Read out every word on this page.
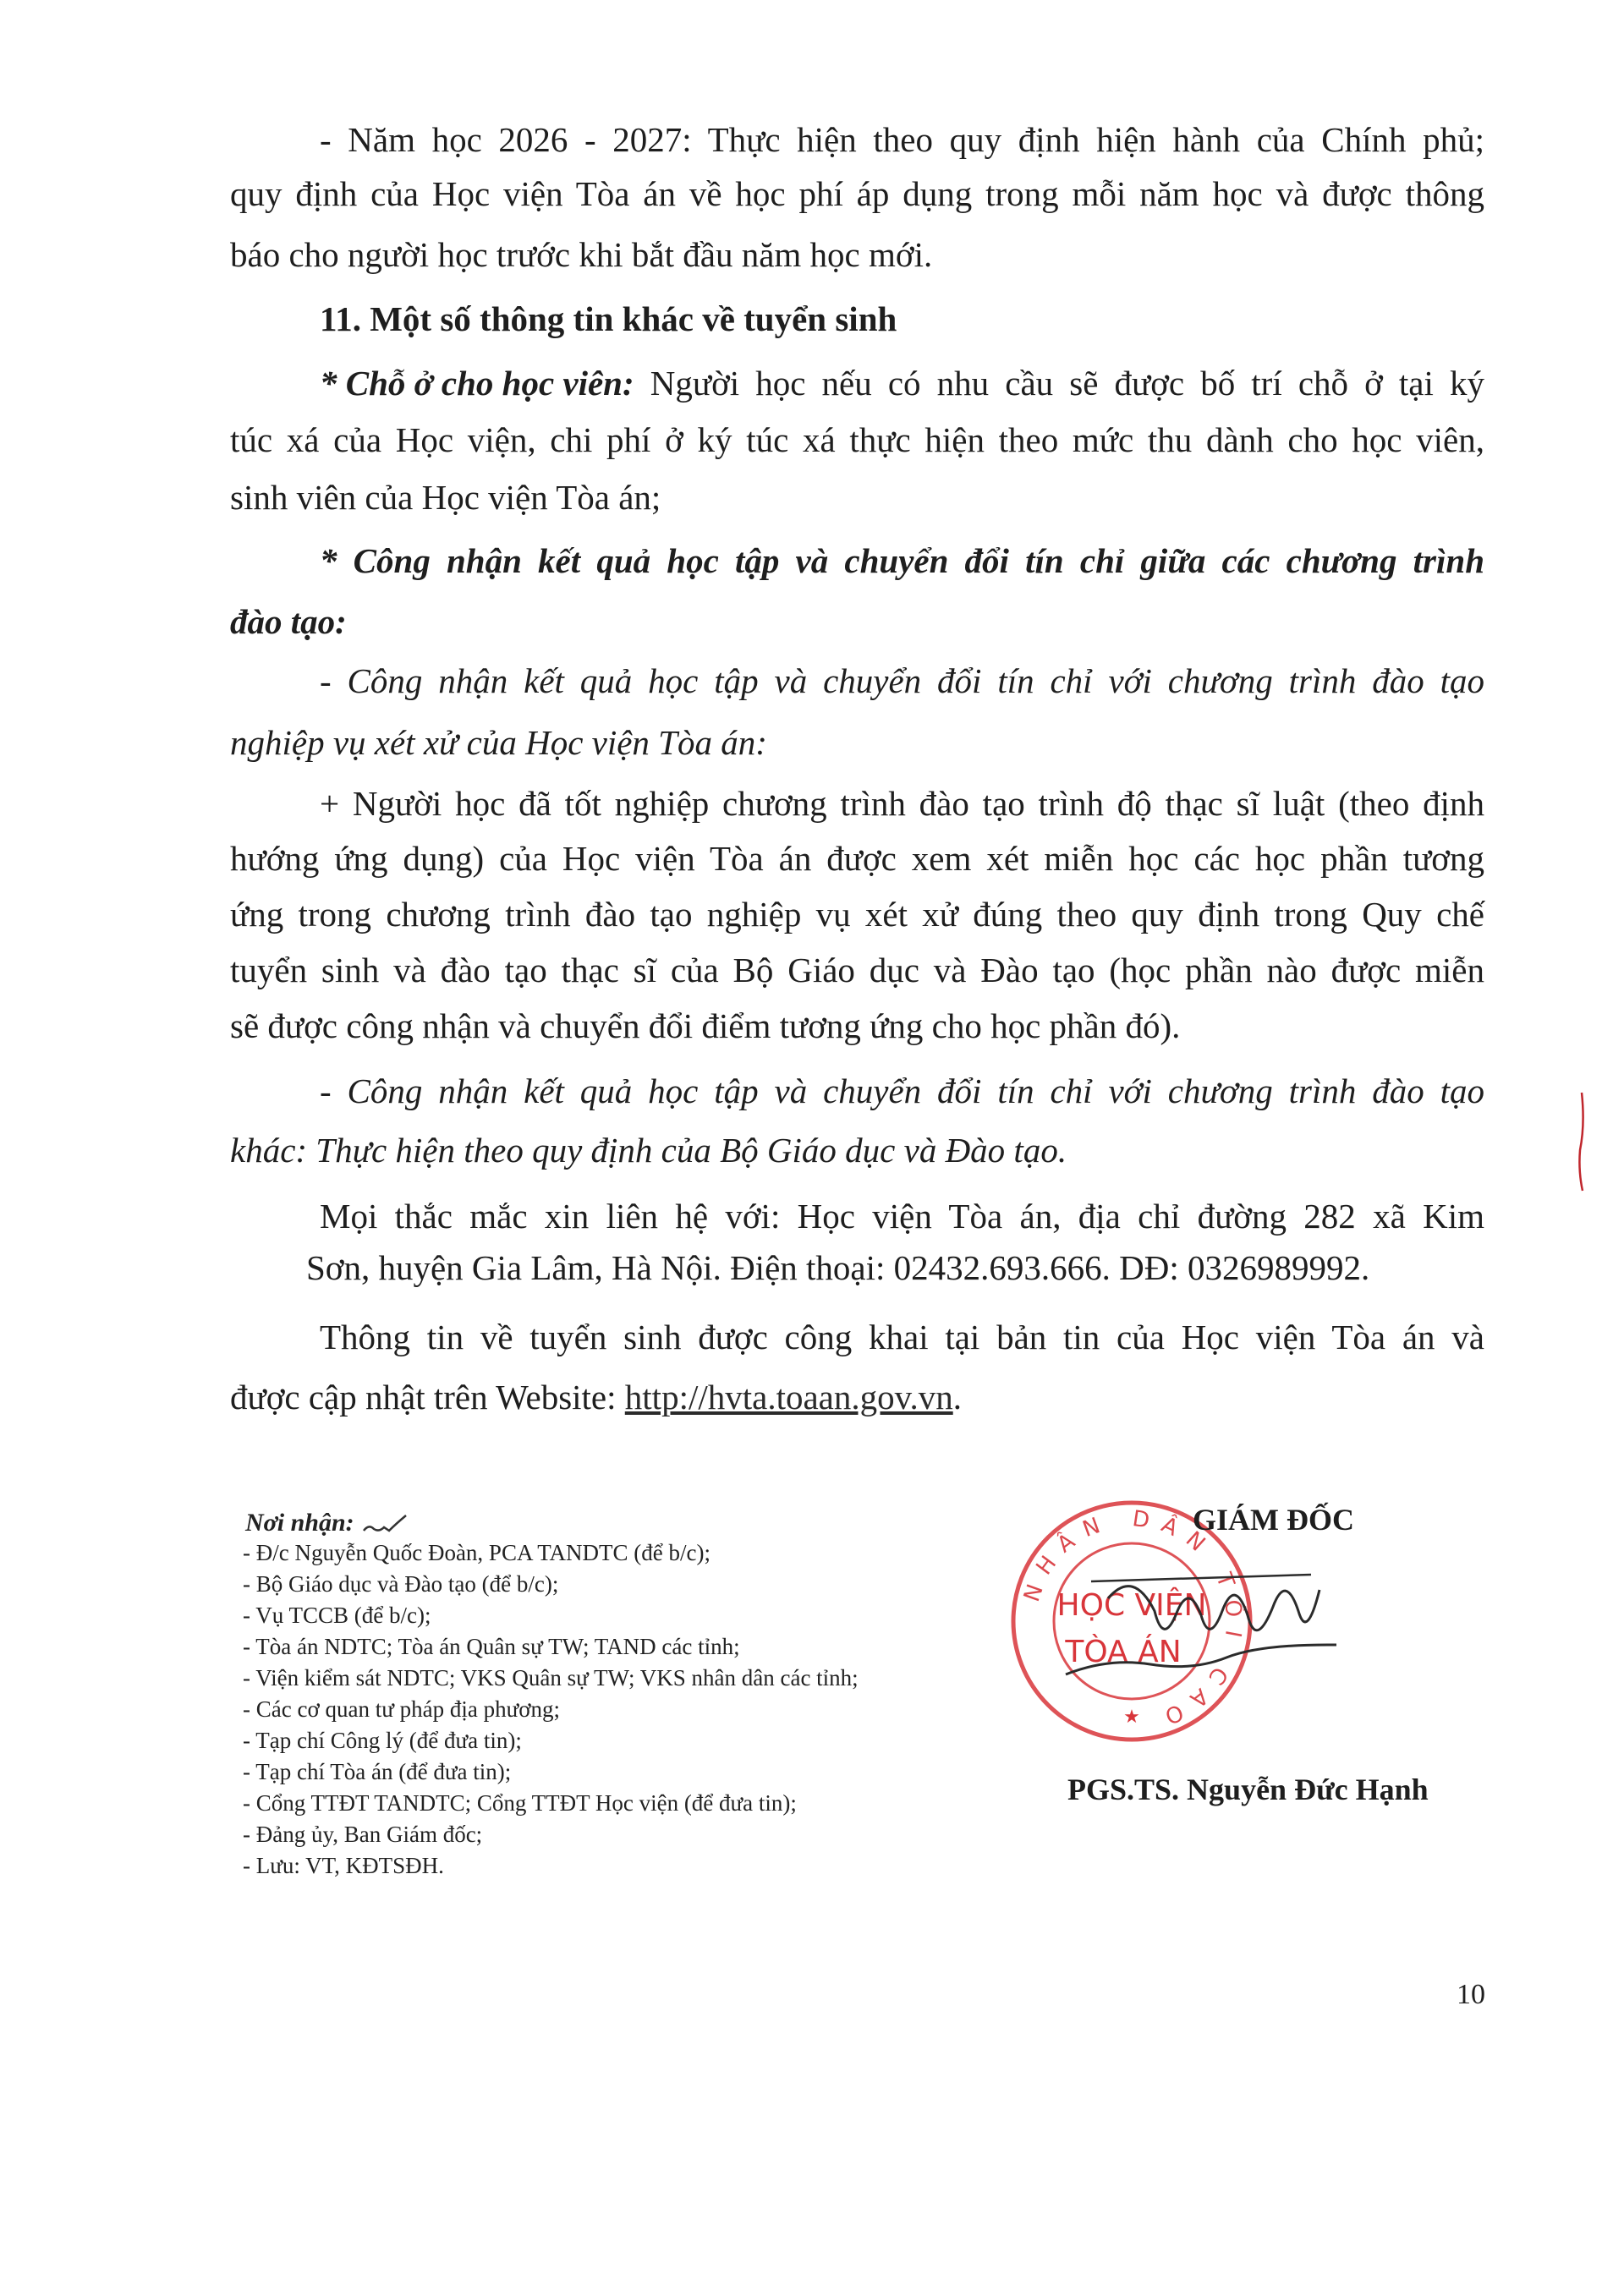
- Năm học 2026 - 2027: Thực hiện theo quy định hiện hành của Chính phủ;
quy định của Học viện Tòa án về học phí áp dụng trong mỗi năm học và được thông
báo cho người học trước khi bắt đầu năm học mới.
11. Một số thông tin khác về tuyển sinh
* Chỗ ở cho học viên: Người học nếu có nhu cầu sẽ được bố trí chỗ ở tại ký
túc xá của Học viện, chi phí ở ký túc xá thực hiện theo mức thu dành cho học viên,
sinh viên của Học viện Tòa án;
* Công nhận kết quả học tập và chuyển đổi tín chỉ giữa các chương trình
đào tạo:
- Công nhận kết quả học tập và chuyển đổi tín chỉ với chương trình đào tạo
nghiệp vụ xét xử của Học viện Tòa án:
+ Người học đã tốt nghiệp chương trình đào tạo trình độ thạc sĩ luật (theo định
hướng ứng dụng) của Học viện Tòa án được xem xét miễn học các học phần tương
ứng trong chương trình đào tạo nghiệp vụ xét xử đúng theo quy định trong Quy chế
tuyển sinh và đào tạo thạc sĩ của Bộ Giáo dục và Đào tạo (học phần nào được miễn
sẽ được công nhận và chuyển đổi điểm tương ứng cho học phần đó).
- Công nhận kết quả học tập và chuyển đổi tín chỉ với chương trình đào tạo
khác: Thực hiện theo quy định của Bộ Giáo dục và Đào tạo.
Mọi thắc mắc xin liên hệ với: Học viện Tòa án, địa chỉ đường 282 xã Kim
Sơn, huyện Gia Lâm, Hà Nội. Điện thoại: 02432.693.666. DĐ: 0326989992.
Thông tin về tuyển sinh được công khai tại bản tin của Học viện Tòa án và
được cập nhật trên Website: http://hvta.toaan.gov.vn.
Nơi nhận:
- Đ/c Nguyễn Quốc Đoàn, PCA TANDTC (để b/c);
- Bộ Giáo dục và Đào tạo (để b/c);
- Vụ TCCB (để b/c);
- Tòa án NDTC; Tòa án Quân sự TW; TAND các tỉnh;
- Viện kiểm sát NDTC; VKS Quân sự TW; VKS nhân dân các tỉnh;
- Các cơ quan tư pháp địa phương;
- Tạp chí Công lý (để đưa tin);
- Tạp chí Tòa án (để đưa tin);
- Cổng TTĐT TANDTC; Cổng TTĐT Học viện (để đưa tin);
- Đảng ủy, Ban Giám đốc;
- Lưu: VT, KĐTSĐH.
NHÂN DÂN TỐI CAO
HỌC VIỆN
TÒA ÁN
★
GIÁM ĐỐC
PGS.TS. Nguyễn Đức Hạnh
10
